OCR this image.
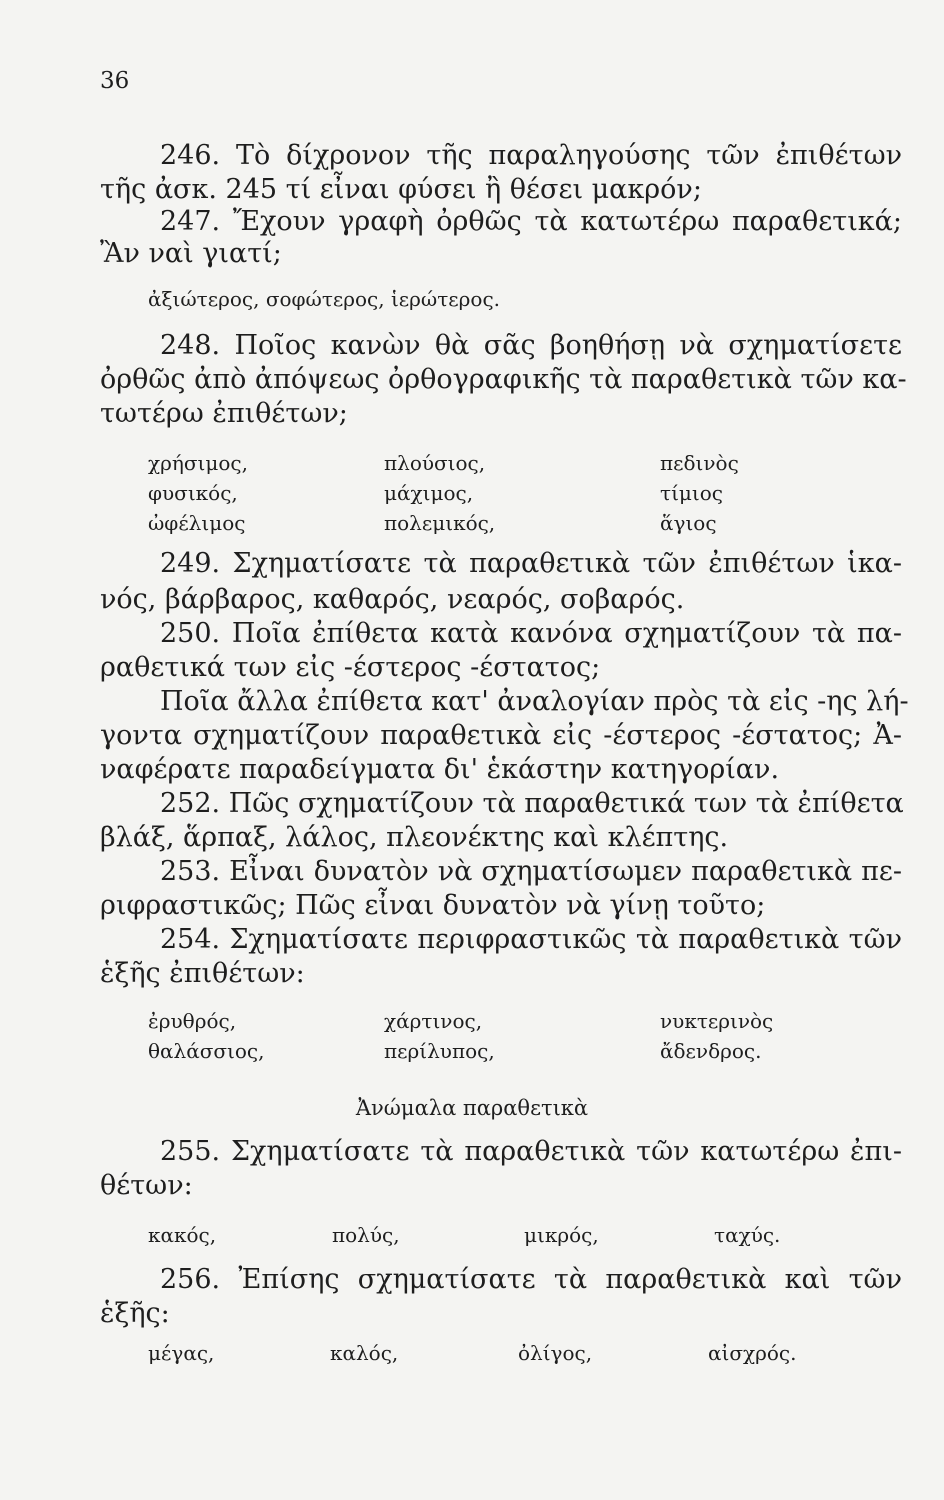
36
246. Τὸ δίχρονον τῆς παραληγούσης τῶν ἐπιθέτων
τῆς ἀσκ. 245 τί εἶναι φύσει ἢ θέσει μακρόν;
247. Ἔχουν γραφὴ ὀρθῶς τὰ κατωτέρω παραθετικά;
Ἂν ναὶ γιατί;
ἀξιώτερος, σοφώτερος, ἱερώτερος.
248. Ποῖος κανὼν θὰ σᾶς βοηθήσῃ νὰ σχηματίσετε
ὀρθῶς ἀπὸ ἀπόψεως ὀρθογραφικῆς τὰ παραθετικὰ τῶν κα-
τωτέρω ἐπιθέτων;
χρήσιμος,	πλούσιος,	πεδινὸς
φυσικός,	μάχιμος,	τίμιος
ὠφέλιμος	πολεμικός,	ἅγιος
249. Σχηματίσατε τὰ παραθετικὰ τῶν ἐπιθέτων ἱκα-
νός, βάρβαρος, καθαρός, νεαρός, σοβαρός.
250. Ποῖα ἐπίθετα κατὰ κανόνα σχηματίζουν τὰ πα-
ραθετικά των εἰς -έστερος -έστατος;
Ποῖα ἄλλα ἐπίθετα κατ' ἀναλογίαν πρὸς τὰ εἰς -ης λή-
γοντα σχηματίζουν παραθετικὰ εἰς -έστερος -έστατος; Ἀ-
ναφέρατε παραδείγματα δι' ἑκάστην κατηγορίαν.
252. Πῶς σχηματίζουν τὰ παραθετικά των τὰ ἐπίθετα
βλάξ, ἅρπαξ, λάλος, πλεονέκτης καὶ κλέπτης.
253. Εἶναι δυνατὸν νὰ σχηματίσωμεν παραθετικὰ πε-
ριφραστικῶς; Πῶς εἶναι δυνατὸν νὰ γίνῃ τοῦτο;
254. Σχηματίσατε περιφραστικῶς τὰ παραθετικὰ τῶν
ἑξῆς ἐπιθέτων:
ἐρυθρός,	χάρτινος,	νυκτερινὸς
θαλάσσιος,	περίλυπος,	ἄδενδρος.
Ἀνώμαλα παραθετικὰ
255. Σχηματίσατε τὰ παραθετικὰ τῶν κατωτέρω ἐπι-
θέτων:
κακός,	πολύς,	μικρός,	ταχύς.
256. Ἐπίσης σχηματίσατε τὰ παραθετικὰ καὶ τῶν
ἑξῆς:
μέγας,	καλός,	ὀλίγος,	αἰσχρός.
